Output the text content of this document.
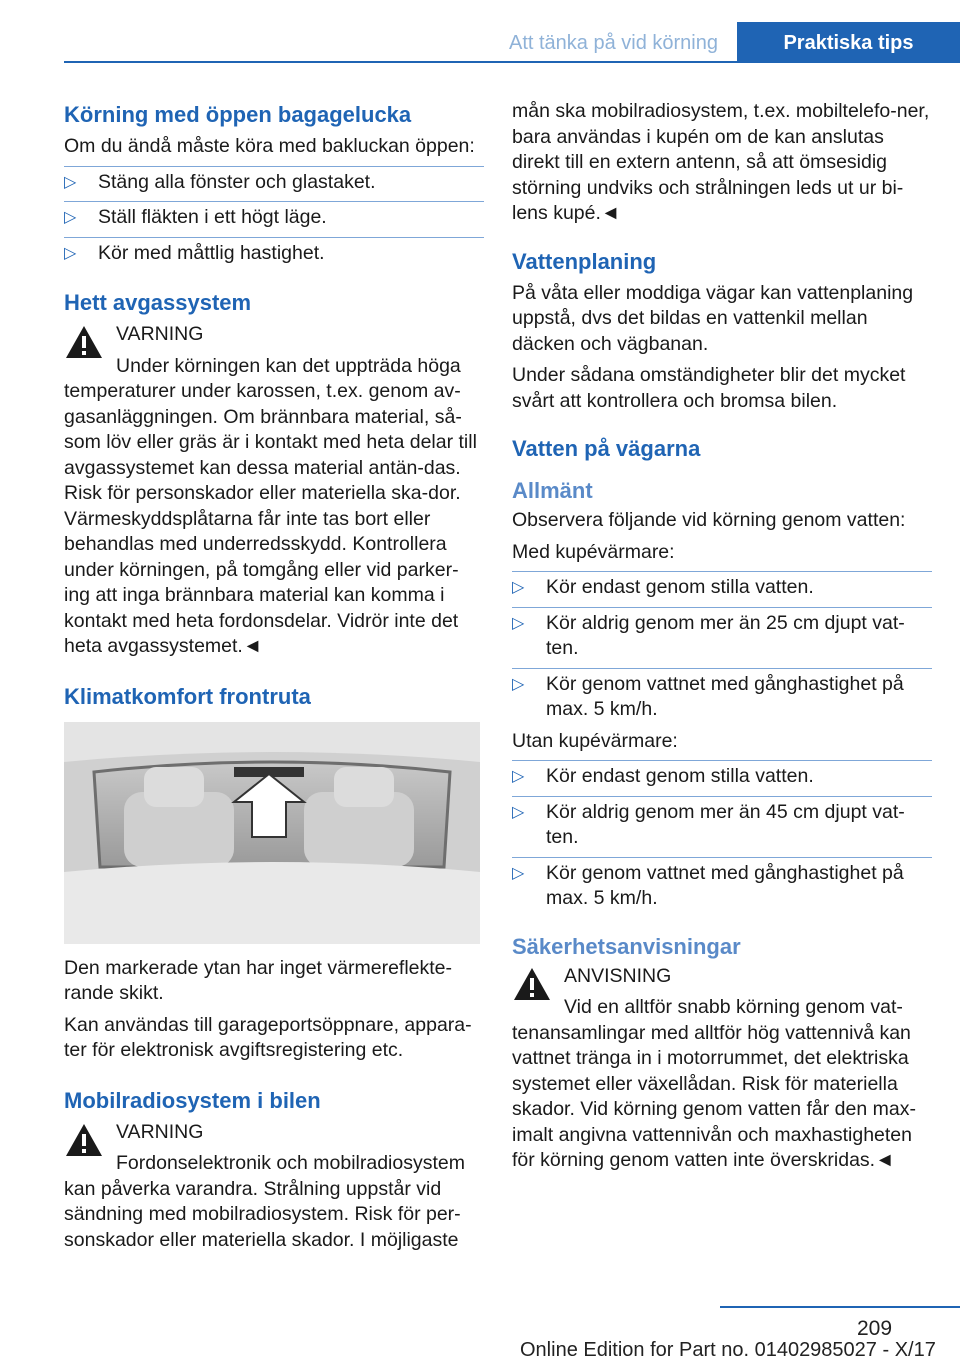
Att tänka på vid körning	Praktiska tips
Körning med öppen bagagelucka

Om du ändå måste köra med bakluckan öppen:

▷ Stäng alla fönster och glastaket.
▷ Ställ fläkten i ett högt läge.
▷ Kör med måttlig hastighet.
Hett avgassystem
VARNING
Under körningen kan det uppträda höga

temperaturer under karossen, t.ex. genom av-gasanläggningen. Om brännbara material, så-som löv eller gräs är i kontakt med heta delar till avgassystemet kan dessa material antän-das. Risk för personskador eller materiella ska-dor. Värmeskyddsplåtarna får inte tas bort eller behandlas med underredsskydd. Kontrollera under körningen, på tomgång eller vid parker-ing att inga brännbara material kan komma i kontakt med heta fordonsdelar. Vidrör inte det heta avgassystemet.◄

Klimatkomfort frontruta

Den markerade ytan har inget värmereflekte-rande skikt.

Kan användas till garageportsöppnare, appara-ter för elektronisk avgiftsregistering etc.

Mobilradiosystem i bilen
VARNING
Fordonselektronik och mobilradiosystem

kan påverka varandra. Strålning uppstår vid sändning med mobilradiosystem. Risk för per-sonskador eller materiella skador. I möjligaste

mån ska mobilradiosystem, t.ex. mobiltelefo-ner, bara användas i kupén om de kan anslutas direkt till en extern antenn, så att ömsesidig störning undviks och strålningen leds ut ur bi-lens kupé.◄

Vattenplaning

På våta eller moddiga vägar kan vattenplaning uppstå, dvs det bildas en vattenkil mellan däcken och vägbanan.

Under sådana omständigheter blir det mycket svårt att kontrollera och bromsa bilen.

Vatten på vägarna
Allmänt

Observera följande vid körning genom vatten:

Med kupévärmare:

▷ Kör endast genom stilla vatten.
▷ Kör aldrig genom mer än 25 cm djupt vat-ten.
▷ Kör genom vattnet med gånghastighet på max. 5 km/h.

Utan kupévärmare:

▷ Kör endast genom stilla vatten.
▷ Kör aldrig genom mer än 45 cm djupt vat-ten.
▷ Kör genom vattnet med gånghastighet på max. 5 km/h.
Säkerhetsanvisningar
ANVISNING
Vid en alltför snabb körning genom vat-

tenansamlingar med alltför hög vattennivå kan vattnet tränga in i motorrummet, det elektriska systemet eller växellådan. Risk för materiella skador. Vid körning genom vatten får den max-imalt angivna vattennivån och maxhastigheten för körning genom vatten inte överskridas.◄

209
Online Edition for Part no. 01402985027 - X/17
